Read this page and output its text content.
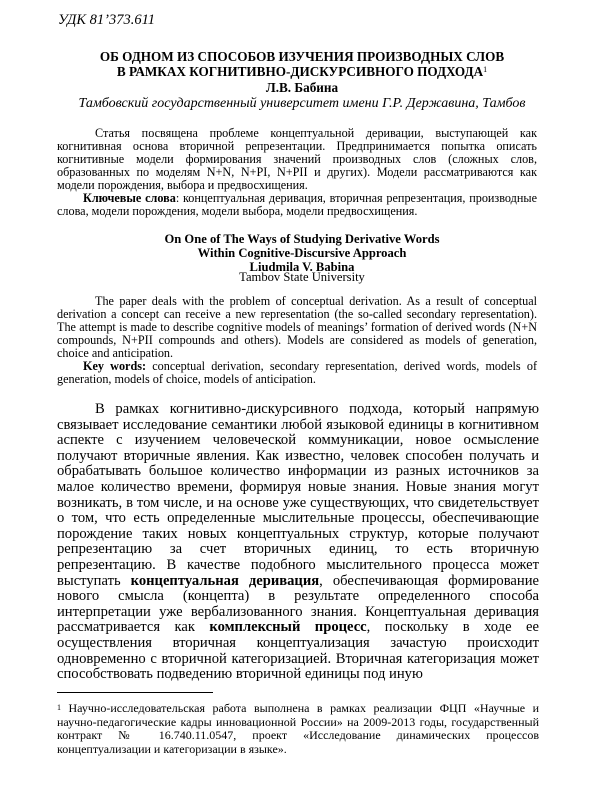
УДК 81’373.611
ОБ ОДНОМ ИЗ СПОСОБОВ ИЗУЧЕНИЯ ПРОИЗВОДНЫХ СЛОВ
В РАМКАХ КОГНИТИВНО-ДИСКУРСИВНОГО ПОДХОДА$^1$
Л.В. Бабина
Тамбовский государственный университет имени Г.Р. Державина, Тамбов

Статья посвящена проблеме концептуальной деривации, выступающей как когнитивная основа вторичной репрезентации. Предпринимается попытка описать когнитивные модели формирования значений производных слов (сложных слов, образованных по моделям N+N, N+PI, N+PII и других). Модели рассматриваются как модели порождения, выбора и предвосхищения.

Ключевые слова: концептуальная деривация, вторичная репрезентация, производные слова, модели порождения, модели выбора, модели предвосхищения.

On One of The Ways of Studying Derivative Words
Within Cognitive-Discursive Approach
Liudmila V. Babina
Tambov State University

The paper deals with the problem of conceptual derivation. As a result of conceptual derivation a concept can receive a new representation (the so-called secondary representation). The attempt is made to describe cognitive models of meanings’ formation of derived words (N+N compounds, N+PII compounds and others). Models are considered as models of generation, choice and anticipation.

Key words: conceptual derivation, secondary representation, derived words, models of generation, models of choice, models of anticipation.

В рамках когнитивно-дискурсивного подхода, который напрямую связывает исследование семантики любой языковой единицы в когнитивном аспекте с изучением человеческой коммуникации, новое осмысление получают вторичные явления. Как известно, человек способен получать и обрабатывать большое количество информации из разных источников за малое количество времени, формируя новые знания. Новые знания могут возникать, в том числе, и на основе уже существующих, что свидетельствует о том, что есть определенные мыслительные процессы, обеспечивающие порождение таких новых концептуальных структур, которые получают репрезентацию за счет вторичных единиц, то есть вторичную репрезентацию. В качестве подобного мыслительного процесса может выступать концептуальная деривация, обеспечивающая формирование нового смысла (концепта) в результате определенного способа интерпретации уже вербализованного знания. Концептуальная деривация рассматривается как комплексный процесс, поскольку в ходе ее осуществления вторичная концептуализация зачастую происходит одновременно с вторичной категоризацией. Вторичная категоризация может способствовать подведению вторичной единицы под иную

$^1$ Научно-исследовательская работа выполнена в рамках реализации ФЦП «Научные и научно-педагогические кадры инновационной России» на 2009-2013 годы, государственный контракт № 16.740.11.0547, проект «Исследование динамических процессов концептуализации и категоризации в языке».
